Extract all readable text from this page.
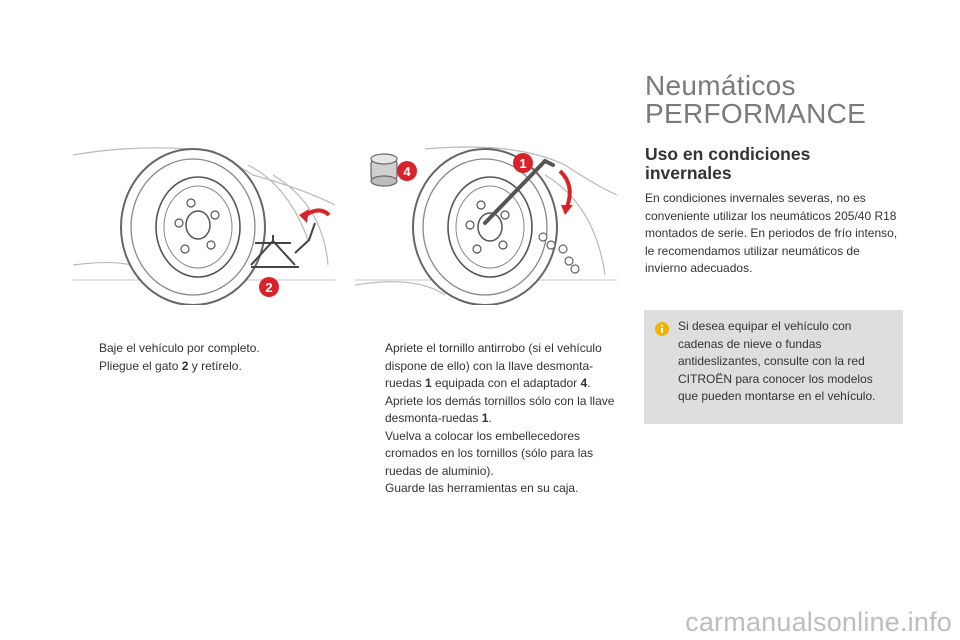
2
4
1
Baje el vehículo por completo.
Pliegue el gato 2 y retírelo.
Apriete el tornillo antirrobo (si el vehículo dispone de ello) con la llave desmonta-ruedas 1 equipada con el adaptador 4.
Apriete los demás tornillos sólo con la llave desmonta-ruedas 1.
Vuelva a colocar los embellecedores cromados en los tornillos (sólo para las ruedas de aluminio).
Guarde las herramientas en su caja.
Neumáticos
PERFORMANCE
Uso en condiciones
invernales

En condiciones invernales severas, no es conveniente utilizar los neumáticos 205/40 R18 montados de serie. En periodos de frío intenso, le recomendamos utilizar neumáticos de invierno adecuados.

Si desea equipar el vehículo con cadenas de nieve o fundas antideslizantes, consulte con la red CITROËN para conocer los modelos que pueden montarse en el vehículo.

carmanualsonline.info
